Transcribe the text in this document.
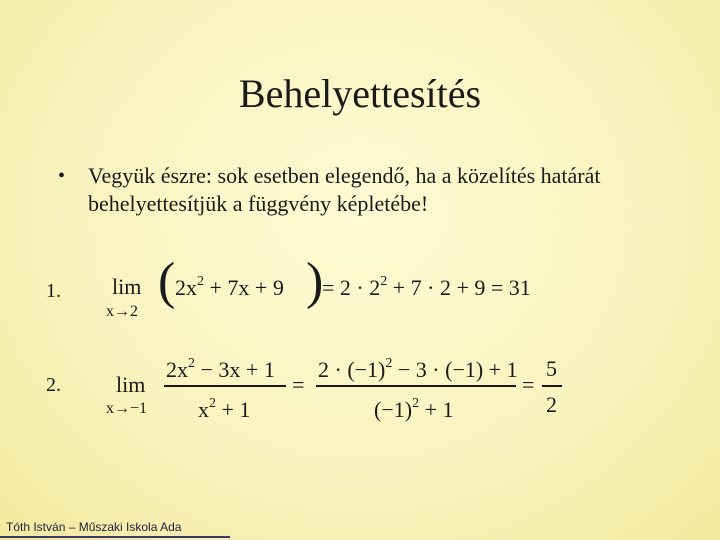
Behelyettesítés
• Vegyük észre: sok esetben elegendő, ha a közelítés határát
behelyettesítjük a függvény képletébe!
1. lim
x→2
( $2x^2 + 7x + 9$ )
= $2 \cdot 2^2 + 7 \cdot 2 + 9 = 31$
2.	lim
x→−1
$2x^2 - 3x + 1$
$x^2 + 1$
=
$2 \cdot (-1)^2 - 3 \cdot (-1) + 1$
$(-1)^2 + 1$
=
5
2
Tóth István – Műszaki Iskola Ada
